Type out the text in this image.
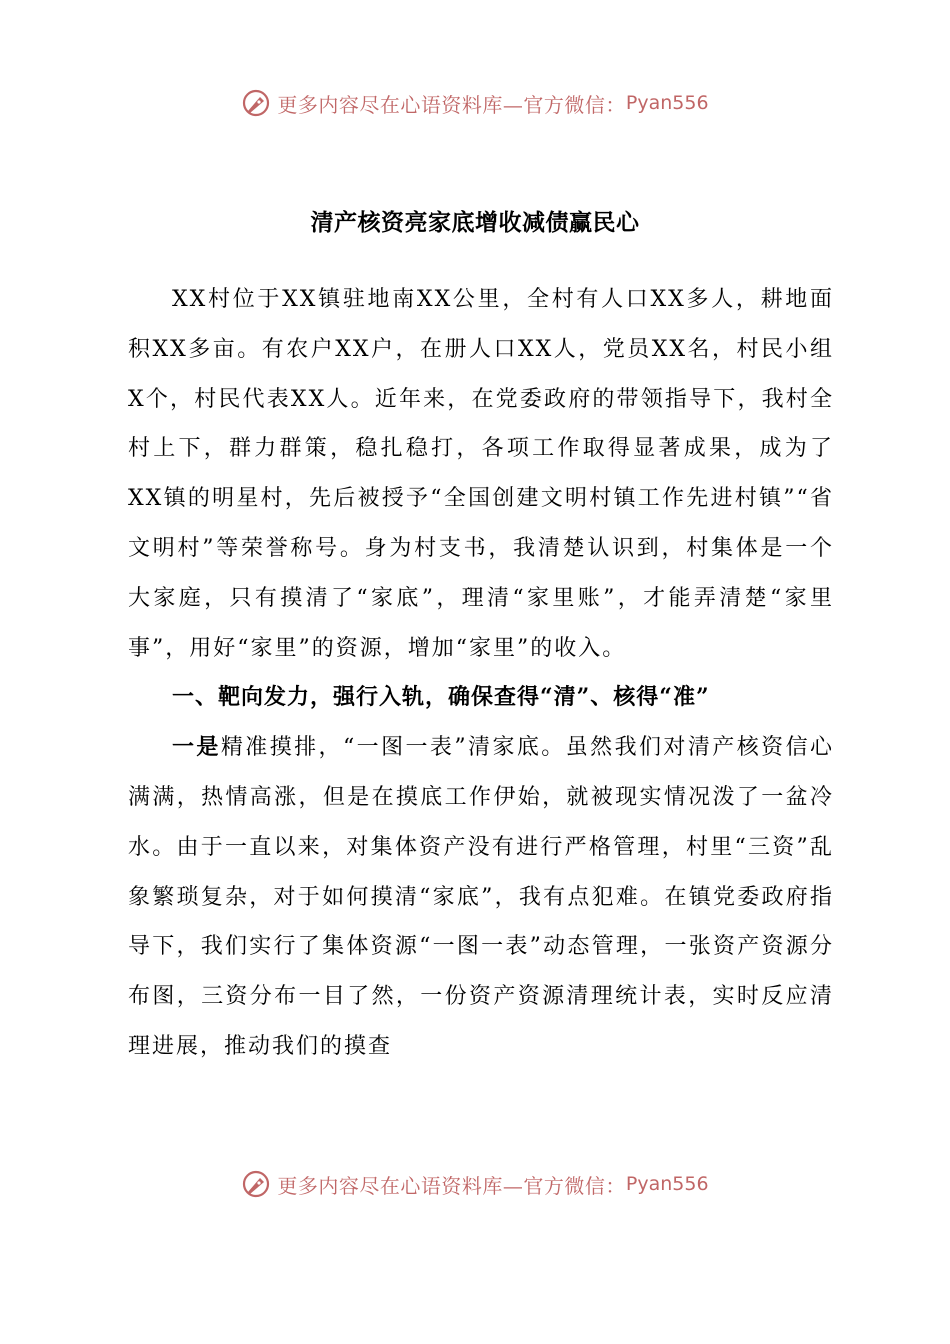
更多内容尽在心语资料库—官方微信： Pyan556
清产核资亮家底增收减债赢民心

XX村位于XX镇驻地南XX公里，全村有人口XX多人，耕地面积XX多亩。有农户XX户，在册人口XX人，党员XX名，村民小组X个，村民代表XX人。近年来，在党委政府的带领指导下，我村全村上下，群力群策，稳扎稳打，各项工作取得显著成果，成为了XX镇的明星村，先后被授予“全国创建文明村镇工作先进村镇”“省文明村”等荣誉称号。身为村支书，我清楚认识到，村集体是一个大家庭，只有摸清了“家底”，理清“家里账”，才能弄清楚“家里事”，用好“家里”的资源，增加“家里”的收入。

一、靶向发力，强行入轨，确保查得“清”、核得“准”

一是精准摸排，“一图一表”清家底。虽然我们对清产核资信心满满，热情高涨，但是在摸底工作伊始，就被现实情况泼了一盆冷水。由于一直以来，对集体资产没有进行严格管理，村里“三资”乱象繁琐复杂，对于如何摸清“家底”，我有点犯难。在镇党委政府指导下，我们实行了集体资源“一图一表”动态管理，一张资产资源分布图，三资分布一目了然，一份资产资源清理统计表，实时反应清理进展，推动我们的摸查

更多内容尽在心语资料库—官方微信： Pyan556
